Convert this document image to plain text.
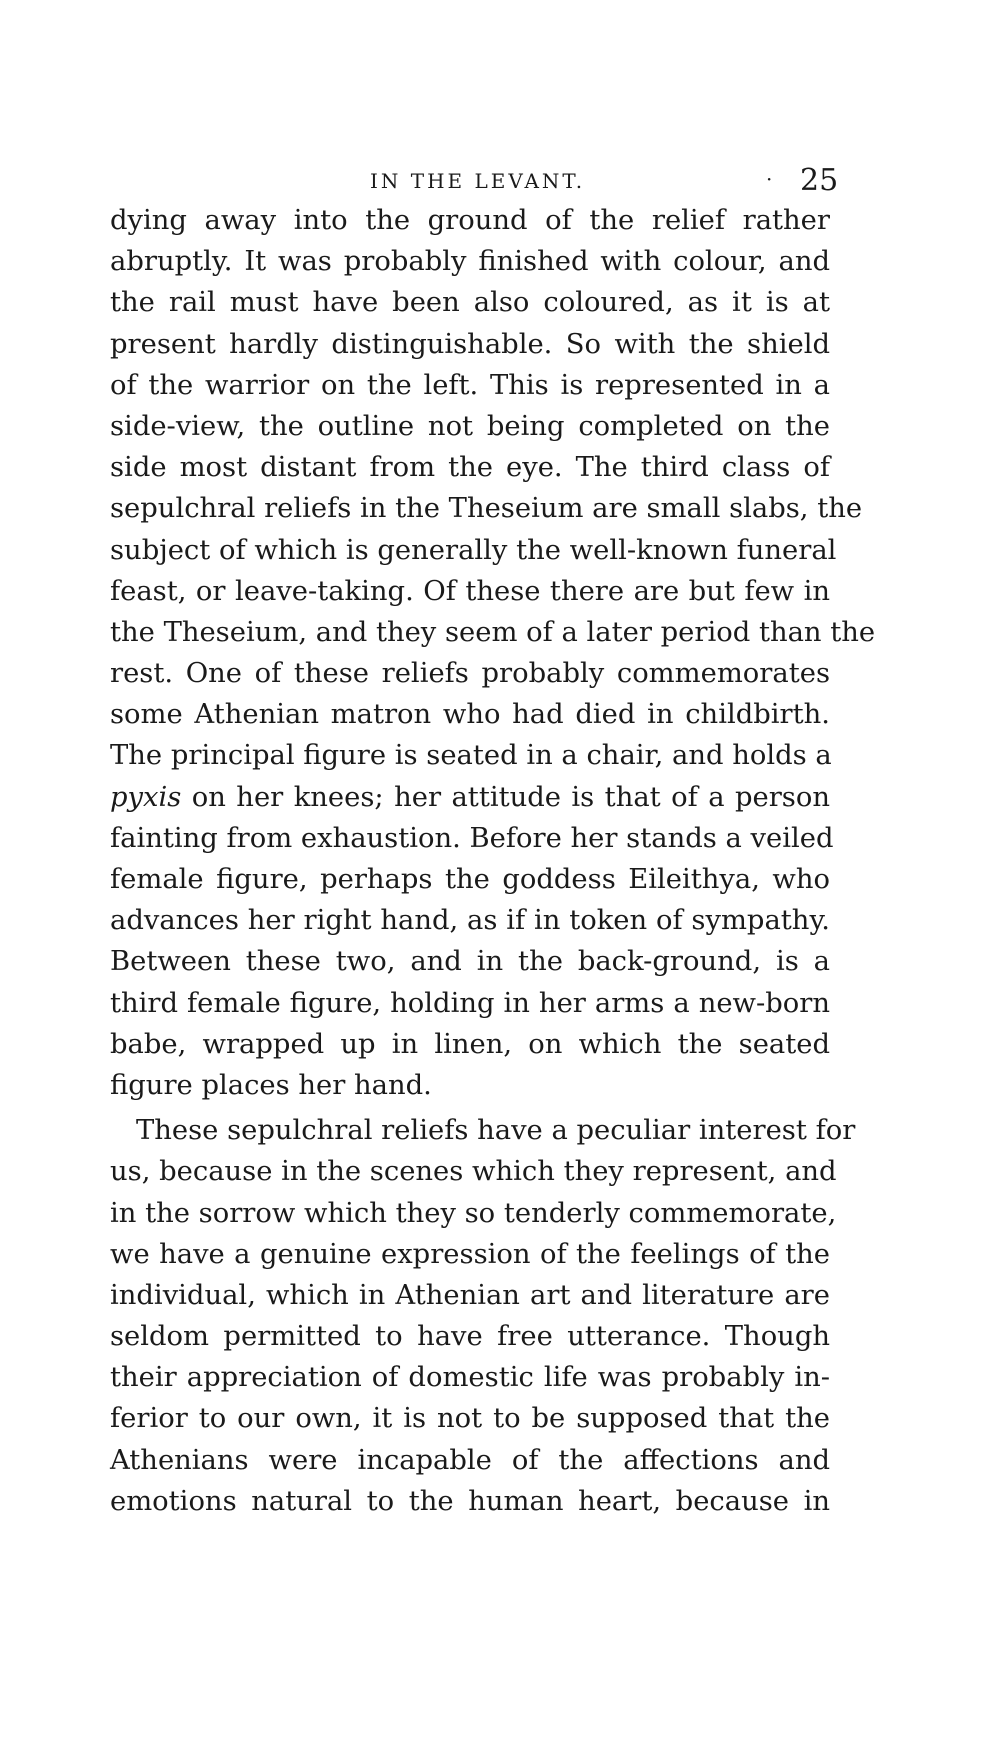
IN THE LEVANT.	· 25
dying away into the ground of the relief rather
abruptly. It was probably finished with colour, and
the rail must have been also coloured, as it is at
present hardly distinguishable. So with the shield
of the warrior on the left. This is represented in a
side-view, the outline not being completed on the
side most distant from the eye. The third class of
sepulchral reliefs in the Theseium are small slabs, the
subject of which is generally the well-known funeral
feast, or leave-taking. Of these there are but few in
the Theseium, and they seem of a later period than the
rest. One of these reliefs probably commemorates
some Athenian matron who had died in childbirth.
The principal figure is seated in a chair, and holds a
pyxis on her knees; her attitude is that of a person
fainting from exhaustion. Before her stands a veiled
female figure, perhaps the goddess Eileithya, who
advances her right hand, as if in token of sympathy.
Between these two, and in the back-ground, is a
third female figure, holding in her arms a new-born
babe, wrapped up in linen, on which the seated
figure places her hand.
These sepulchral reliefs have a peculiar interest for
us, because in the scenes which they represent, and
in the sorrow which they so tenderly commemorate,
we have a genuine expression of the feelings of the
individual, which in Athenian art and literature are
seldom permitted to have free utterance. Though
their appreciation of domestic life was probably in-
ferior to our own, it is not to be supposed that the
Athenians were incapable of the affections and
emotions natural to the human heart, because in
